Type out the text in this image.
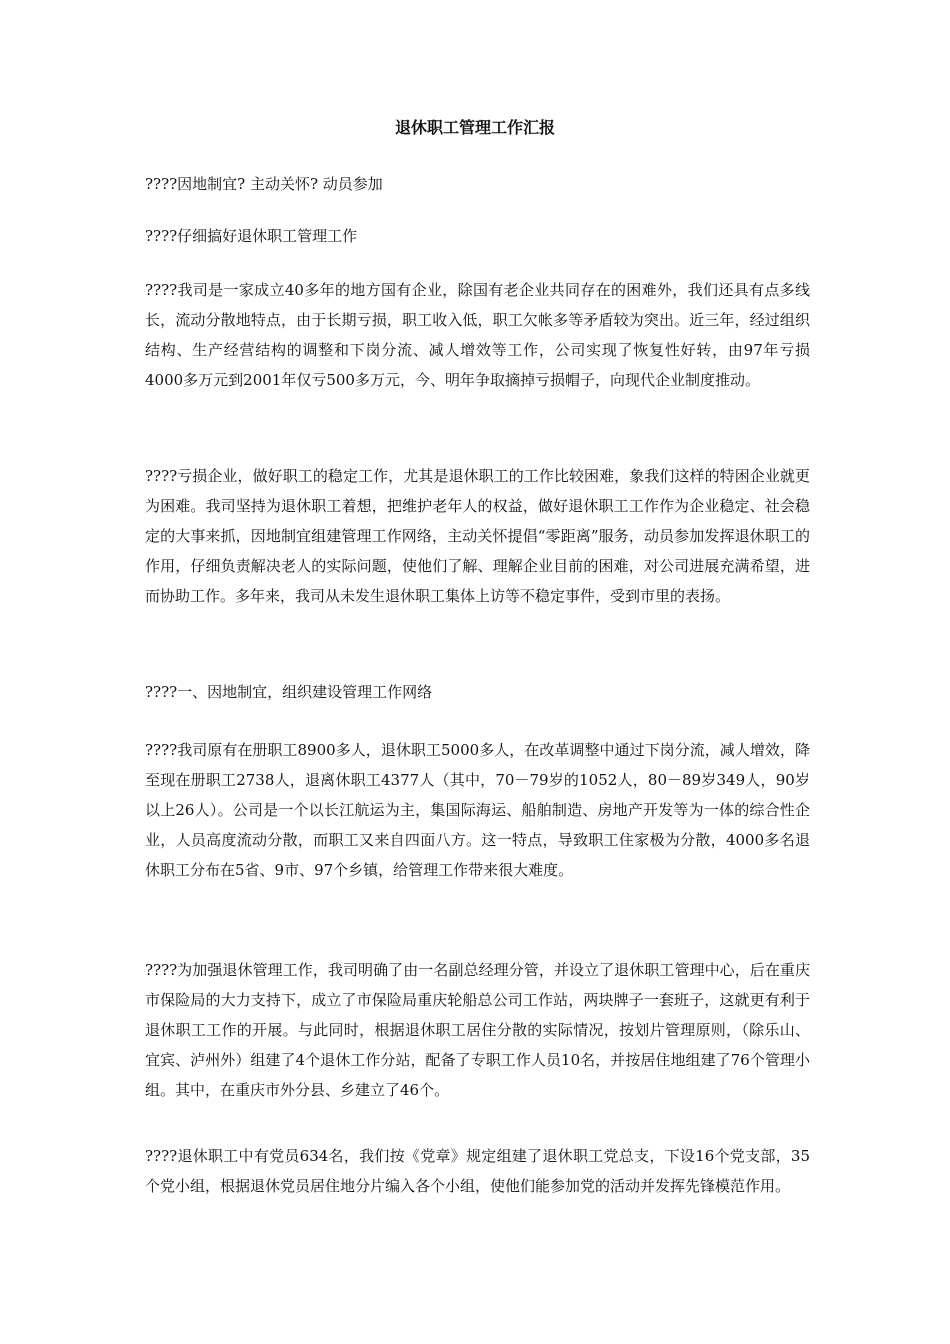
退休职工管理工作汇报

????因地制宜? 主动关怀? 动员参加

????仔细搞好退休职工管理工作

????我司是一家成立40多年的地方国有企业，除国有老企业共同存在的困难外，我们还具有点多线长，流动分散地特点，由于长期亏损，职工收入低，职工欠帐多等矛盾较为突出。近三年，经过组织结构、生产经营结构的调整和下岗分流、减人增效等工作，公司实现了恢复性好转，由97年亏损4000多万元到2001年仅亏500多万元，今、明年争取摘掉亏损帽子，向现代企业制度推动。

????亏损企业，做好职工的稳定工作，尤其是退休职工的工作比较困难，象我们这样的特困企业就更为困难。我司坚持为退休职工着想，把维护老年人的权益，做好退休职工工作作为企业稳定、社会稳定的大事来抓，因地制宜组建管理工作网络，主动关怀提倡“零距离”服务，动员参加发挥退休职工的作用，仔细负责解决老人的实际问题，使他们了解、理解企业目前的困难，对公司进展充满希望，进而协助工作。多年来，我司从未发生退休职工集体上访等不稳定事件，受到市里的表扬。

????一、因地制宜，组织建设管理工作网络

????我司原有在册职工8900多人，退休职工5000多人，在改革调整中通过下岗分流，减人增效，降至现在册职工2738人，退离休职工4377人（其中，70－79岁的1052人，80－89岁349人，90岁以上26人）。公司是一个以长江航运为主，集国际海运、船舶制造、房地产开发等为一体的综合性企业，人员高度流动分散，而职工又来自四面八方。这一特点，导致职工住家极为分散，4000多名退休职工分布在5省、9市、97个乡镇，给管理工作带来很大难度。

????为加强退休管理工作，我司明确了由一名副总经理分管，并设立了退休职工管理中心，后在重庆市保险局的大力支持下，成立了市保险局重庆轮船总公司工作站，两块牌子一套班子，这就更有利于退休职工工作的开展。与此同时，根据退休职工居住分散的实际情况，按划片管理原则，（除乐山、宜宾、泸州外）组建了4个退休工作分站，配备了专职工作人员10名，并按居住地组建了76个管理小组。其中，在重庆市外分县、乡建立了46个。

????退休职工中有党员634名，我们按《党章》规定组建了退休职工党总支，下设16个党支部，35个党小组，根据退休党员居住地分片编入各个小组，使他们能参加党的活动并发挥先锋模范作用。
